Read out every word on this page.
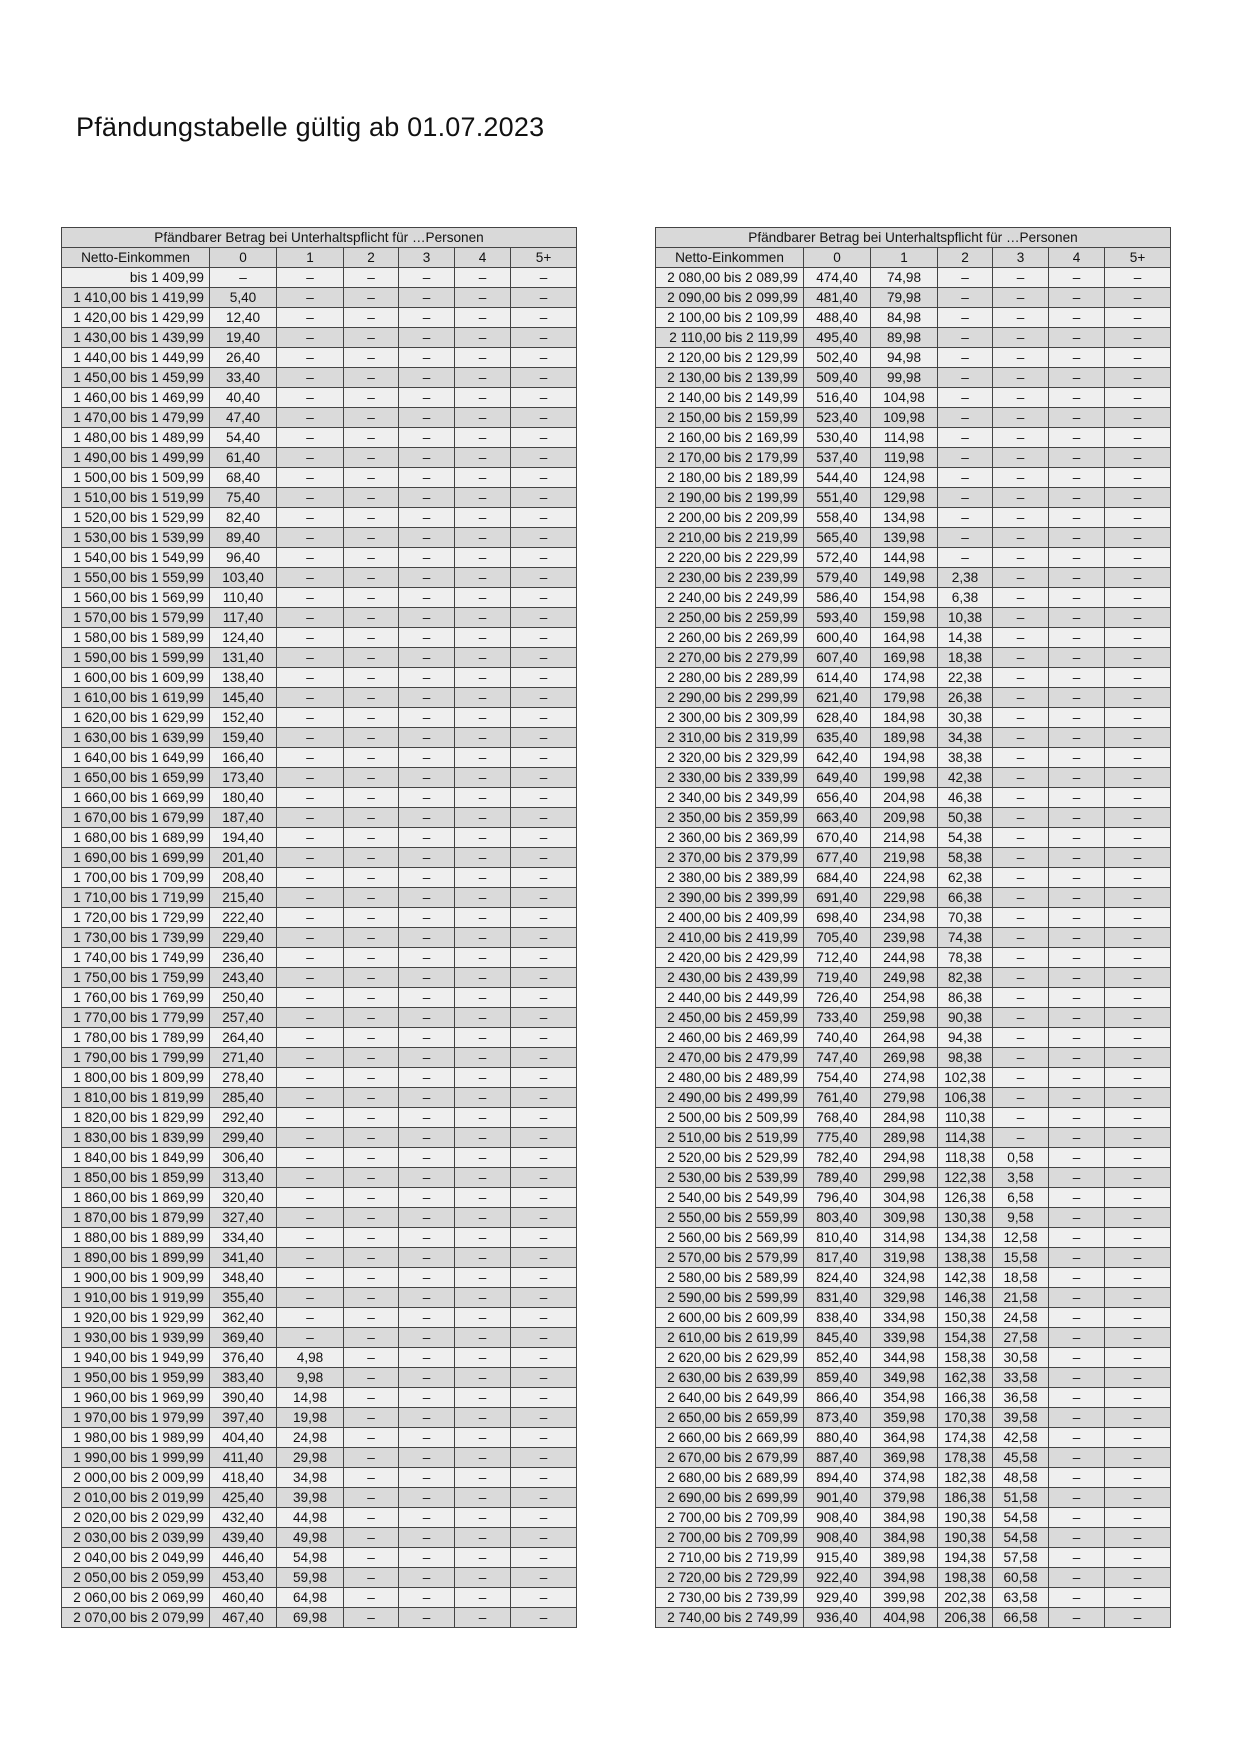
Pfändungstabelle gültig ab 01.07.2023
Pfändbarer Betrag bei Unterhaltspflicht für …Personen						
Netto-Einkommen	0	1	2	3	4	5+
bis 1 409,99	–	–	–	–	–	–
1 410,00 bis 1 419,99	5,40	–	–	–	–	–
1 420,00 bis 1 429,99	12,40	–	–	–	–	–
1 430,00 bis 1 439,99	19,40	–	–	–	–	–
1 440,00 bis 1 449,99	26,40	–	–	–	–	–
1 450,00 bis 1 459,99	33,40	–	–	–	–	–
1 460,00 bis 1 469,99	40,40	–	–	–	–	–
1 470,00 bis 1 479,99	47,40	–	–	–	–	–
1 480,00 bis 1 489,99	54,40	–	–	–	–	–
1 490,00 bis 1 499,99	61,40	–	–	–	–	–
1 500,00 bis 1 509,99	68,40	–	–	–	–	–
1 510,00 bis 1 519,99	75,40	–	–	–	–	–
1 520,00 bis 1 529,99	82,40	–	–	–	–	–
1 530,00 bis 1 539,99	89,40	–	–	–	–	–
1 540,00 bis 1 549,99	96,40	–	–	–	–	–
1 550,00 bis 1 559,99	103,40	–	–	–	–	–
1 560,00 bis 1 569,99	110,40	–	–	–	–	–
1 570,00 bis 1 579,99	117,40	–	–	–	–	–
1 580,00 bis 1 589,99	124,40	–	–	–	–	–
1 590,00 bis 1 599,99	131,40	–	–	–	–	–
1 600,00 bis 1 609,99	138,40	–	–	–	–	–
1 610,00 bis 1 619,99	145,40	–	–	–	–	–
1 620,00 bis 1 629,99	152,40	–	–	–	–	–
1 630,00 bis 1 639,99	159,40	–	–	–	–	–
1 640,00 bis 1 649,99	166,40	–	–	–	–	–
1 650,00 bis 1 659,99	173,40	–	–	–	–	–
1 660,00 bis 1 669,99	180,40	–	–	–	–	–
1 670,00 bis 1 679,99	187,40	–	–	–	–	–
1 680,00 bis 1 689,99	194,40	–	–	–	–	–
1 690,00 bis 1 699,99	201,40	–	–	–	–	–
1 700,00 bis 1 709,99	208,40	–	–	–	–	–
1 710,00 bis 1 719,99	215,40	–	–	–	–	–
1 720,00 bis 1 729,99	222,40	–	–	–	–	–
1 730,00 bis 1 739,99	229,40	–	–	–	–	–
1 740,00 bis 1 749,99	236,40	–	–	–	–	–
1 750,00 bis 1 759,99	243,40	–	–	–	–	–
1 760,00 bis 1 769,99	250,40	–	–	–	–	–
1 770,00 bis 1 779,99	257,40	–	–	–	–	–
1 780,00 bis 1 789,99	264,40	–	–	–	–	–
1 790,00 bis 1 799,99	271,40	–	–	–	–	–
1 800,00 bis 1 809,99	278,40	–	–	–	–	–
1 810,00 bis 1 819,99	285,40	–	–	–	–	–
1 820,00 bis 1 829,99	292,40	–	–	–	–	–
1 830,00 bis 1 839,99	299,40	–	–	–	–	–
1 840,00 bis 1 849,99	306,40	–	–	–	–	–
1 850,00 bis 1 859,99	313,40	–	–	–	–	–
1 860,00 bis 1 869,99	320,40	–	–	–	–	–
1 870,00 bis 1 879,99	327,40	–	–	–	–	–
1 880,00 bis 1 889,99	334,40	–	–	–	–	–
1 890,00 bis 1 899,99	341,40	–	–	–	–	–
1 900,00 bis 1 909,99	348,40	–	–	–	–	–
1 910,00 bis 1 919,99	355,40	–	–	–	–	–
1 920,00 bis 1 929,99	362,40	–	–	–	–	–
1 930,00 bis 1 939,99	369,40	–	–	–	–	–
1 940,00 bis 1 949,99	376,40	4,98	–	–	–	–
1 950,00 bis 1 959,99	383,40	9,98	–	–	–	–
1 960,00 bis 1 969,99	390,40	14,98	–	–	–	–
1 970,00 bis 1 979,99	397,40	19,98	–	–	–	–
1 980,00 bis 1 989,99	404,40	24,98	–	–	–	–
1 990,00 bis 1 999,99	411,40	29,98	–	–	–	–
2 000,00 bis 2 009,99	418,40	34,98	–	–	–	–
2 010,00 bis 2 019,99	425,40	39,98	–	–	–	–
2 020,00 bis 2 029,99	432,40	44,98	–	–	–	–
2 030,00 bis 2 039,99	439,40	49,98	–	–	–	–
2 040,00 bis 2 049,99	446,40	54,98	–	–	–	–
2 050,00 bis 2 059,99	453,40	59,98	–	–	–	–
2 060,00 bis 2 069,99	460,40	64,98	–	–	–	–
2 070,00 bis 2 079,99	467,40	69,98	–	–	–	–
Pfändbarer Betrag bei Unterhaltspflicht für …Personen						
Netto-Einkommen	0	1	2	3	4	5+
2 080,00 bis 2 089,99	474,40	74,98	–	–	–	–
2 090,00 bis 2 099,99	481,40	79,98	–	–	–	–
2 100,00 bis 2 109,99	488,40	84,98	–	–	–	–
2 110,00 bis 2 119,99	495,40	89,98	–	–	–	–
2 120,00 bis 2 129,99	502,40	94,98	–	–	–	–
2 130,00 bis 2 139,99	509,40	99,98	–	–	–	–
2 140,00 bis 2 149,99	516,40	104,98	–	–	–	–
2 150,00 bis 2 159,99	523,40	109,98	–	–	–	–
2 160,00 bis 2 169,99	530,40	114,98	–	–	–	–
2 170,00 bis 2 179,99	537,40	119,98	–	–	–	–
2 180,00 bis 2 189,99	544,40	124,98	–	–	–	–
2 190,00 bis 2 199,99	551,40	129,98	–	–	–	–
2 200,00 bis 2 209,99	558,40	134,98	–	–	–	–
2 210,00 bis 2 219,99	565,40	139,98	–	–	–	–
2 220,00 bis 2 229,99	572,40	144,98	–	–	–	–
2 230,00 bis 2 239,99	579,40	149,98	2,38	–	–	–
2 240,00 bis 2 249,99	586,40	154,98	6,38	–	–	–
2 250,00 bis 2 259,99	593,40	159,98	10,38	–	–	–
2 260,00 bis 2 269,99	600,40	164,98	14,38	–	–	–
2 270,00 bis 2 279,99	607,40	169,98	18,38	–	–	–
2 280,00 bis 2 289,99	614,40	174,98	22,38	–	–	–
2 290,00 bis 2 299,99	621,40	179,98	26,38	–	–	–
2 300,00 bis 2 309,99	628,40	184,98	30,38	–	–	–
2 310,00 bis 2 319,99	635,40	189,98	34,38	–	–	–
2 320,00 bis 2 329,99	642,40	194,98	38,38	–	–	–
2 330,00 bis 2 339,99	649,40	199,98	42,38	–	–	–
2 340,00 bis 2 349,99	656,40	204,98	46,38	–	–	–
2 350,00 bis 2 359,99	663,40	209,98	50,38	–	–	–
2 360,00 bis 2 369,99	670,40	214,98	54,38	–	–	–
2 370,00 bis 2 379,99	677,40	219,98	58,38	–	–	–
2 380,00 bis 2 389,99	684,40	224,98	62,38	–	–	–
2 390,00 bis 2 399,99	691,40	229,98	66,38	–	–	–
2 400,00 bis 2 409,99	698,40	234,98	70,38	–	–	–
2 410,00 bis 2 419,99	705,40	239,98	74,38	–	–	–
2 420,00 bis 2 429,99	712,40	244,98	78,38	–	–	–
2 430,00 bis 2 439,99	719,40	249,98	82,38	–	–	–
2 440,00 bis 2 449,99	726,40	254,98	86,38	–	–	–
2 450,00 bis 2 459,99	733,40	259,98	90,38	–	–	–
2 460,00 bis 2 469,99	740,40	264,98	94,38	–	–	–
2 470,00 bis 2 479,99	747,40	269,98	98,38	–	–	–
2 480,00 bis 2 489,99	754,40	274,98	102,38	–	–	–
2 490,00 bis 2 499,99	761,40	279,98	106,38	–	–	–
2 500,00 bis 2 509,99	768,40	284,98	110,38	–	–	–
2 510,00 bis 2 519,99	775,40	289,98	114,38	–	–	–
2 520,00 bis 2 529,99	782,40	294,98	118,38	0,58	–	–
2 530,00 bis 2 539,99	789,40	299,98	122,38	3,58	–	–
2 540,00 bis 2 549,99	796,40	304,98	126,38	6,58	–	–
2 550,00 bis 2 559,99	803,40	309,98	130,38	9,58	–	–
2 560,00 bis 2 569,99	810,40	314,98	134,38	12,58	–	–
2 570,00 bis 2 579,99	817,40	319,98	138,38	15,58	–	–
2 580,00 bis 2 589,99	824,40	324,98	142,38	18,58	–	–
2 590,00 bis 2 599,99	831,40	329,98	146,38	21,58	–	–
2 600,00 bis 2 609,99	838,40	334,98	150,38	24,58	–	–
2 610,00 bis 2 619,99	845,40	339,98	154,38	27,58	–	–
2 620,00 bis 2 629,99	852,40	344,98	158,38	30,58	–	–
2 630,00 bis 2 639,99	859,40	349,98	162,38	33,58	–	–
2 640,00 bis 2 649,99	866,40	354,98	166,38	36,58	–	–
2 650,00 bis 2 659,99	873,40	359,98	170,38	39,58	–	–
2 660,00 bis 2 669,99	880,40	364,98	174,38	42,58	–	–
2 670,00 bis 2 679,99	887,40	369,98	178,38	45,58	–	–
2 680,00 bis 2 689,99	894,40	374,98	182,38	48,58	–	–
2 690,00 bis 2 699,99	901,40	379,98	186,38	51,58	–	–
2 700,00 bis 2 709,99	908,40	384,98	190,38	54,58	–	–
2 700,00 bis 2 709,99	908,40	384,98	190,38	54,58	–	–
2 710,00 bis 2 719,99	915,40	389,98	194,38	57,58	–	–
2 720,00 bis 2 729,99	922,40	394,98	198,38	60,58	–	–
2 730,00 bis 2 739,99	929,40	399,98	202,38	63,58	–	–
2 740,00 bis 2 749,99	936,40	404,98	206,38	66,58	–	–
